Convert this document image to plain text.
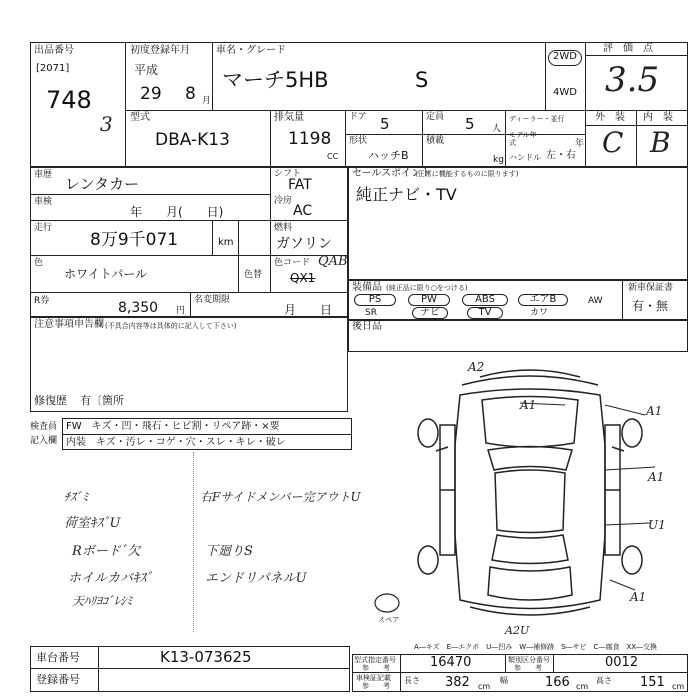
出品番号
[2071]
748
3
初度登録年月
平成
29 8 月
車名・グレード
マーチ5HB	S
2WD
4WD
評　価　点
3.5
型式
DBA-K13
排気量
1198
CC
ドア 5	定員 5 人
ディーラー・並行
モデル年式	年
形状
ハッチB
積載
kg ハンドル 左・右
外　装 内　装
C B
車歴 レンタカー
シフト
FAT
車検
年　　月(　　日)
冷房
AC
走行
8万9千071	km
燃料
ガソリン
色
ホワイトパール	色替
色コード
QX1
QAB
R券	8,350 円
名変期限
月　　日
注意事項申告欄 (不具合内容等は具体的に記入して下さい)
修復歴 有〔箇所
検査員
記入欄
FW　キズ・凹・飛石・ヒビ割・リペア跡・×要
内装　キズ・汚レ・コゲ・穴・スレ・キレ・破レ
ﾁｽﾞﾐ
荷室ｷｽﾞU
Rボードﾞ欠
ホイルカバｷｽﾞ
天ﾊﾘﾖｺﾞﾚｼﾐ
右Fサイドメンバー完アウトU
下廻りS
エンドリパネルU
セールスポイント
(正常に機能するものに限ります)
純正ナビ・TV
装備品 (純正品に限り○をつける)
PS	PW	ABS	エアB	AW
SR	ナビ	TV	カワ
新車保証書
有・無
後日品
スペア
A2
A1	A1
A1
A1
U1
A2U
A―キズ　E―エクボ　U―凹み　W―補修跡　S―サビ　C―腐食　XX―交換
車台番号	K13-073625
登録番号
型式指定番号
参　　考	16470	類別区分番号
参　　考	0012
車検証記載
参　　考
長さ 382 cm
幅	166 cm
高さ 151 cm
